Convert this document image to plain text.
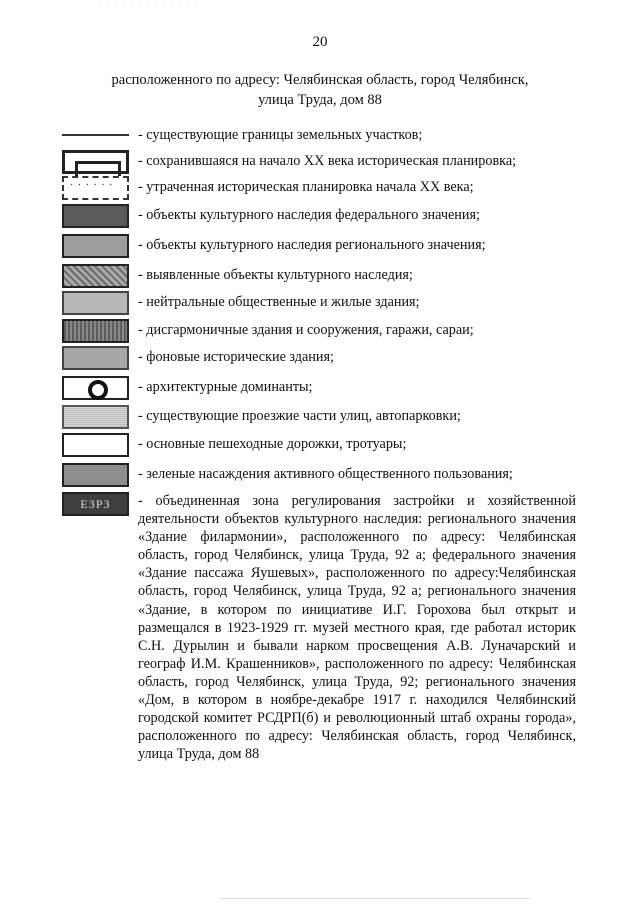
20
расположенного по адресу: Челябинская область, город Челябинск,
улица Труда, дом 88
- существующие границы земельных участков;
- сохранившаяся на начало XX века историческая планировка;
· · ·
- утраченная историческая планировка начала XX века;
- объекты культурного наследия федерального значения;
- объекты культурного наследия регионального значения;
- выявленные объекты культурного наследия;
- нейтральные общественные и жилые здания;
- дисгармоничные здания и сооружения, гаражи, сараи;
- фоновые исторические здания;
- архитектурные доминанты;
- существующие проезжие части улиц, автопарковки;
- основные пешеходные дорожки, тротуары;
- зеленые насаждения активного общественного пользования;
ЕЗРЗ	- объединенная зона регулирования застройки и хозяйственной деятельности объектов культурного наследия: регионального значения «Здание филармонии», расположенного по адресу: Челябинская область, город Челябинск, улица Труда, 92 а; федерального значения «Здание пассажа Яушевых», расположенного по адресу:Челябинская область, город Челябинск, улица Труда, 92 а; регионального значения «Здание, в котором по инициативе И.Г. Горохова был открыт и размещался в 1923-1929 гг. музей местного края, где работал историк С.Н. Дурылин и бывали нарком просвещения А.В. Луначарский и географ И.М. Крашенников», расположенного по адресу: Челябинская область, город Челябинск, улица Труда, 92; регионального значения «Дом, в котором в ноябре-декабре 1917 г. находился Челябинский городской комитет РСДРП(б) и революционный штаб охраны города», расположенного по адресу: Челябинская область, город Челябинск, улица Труда, дом 88
